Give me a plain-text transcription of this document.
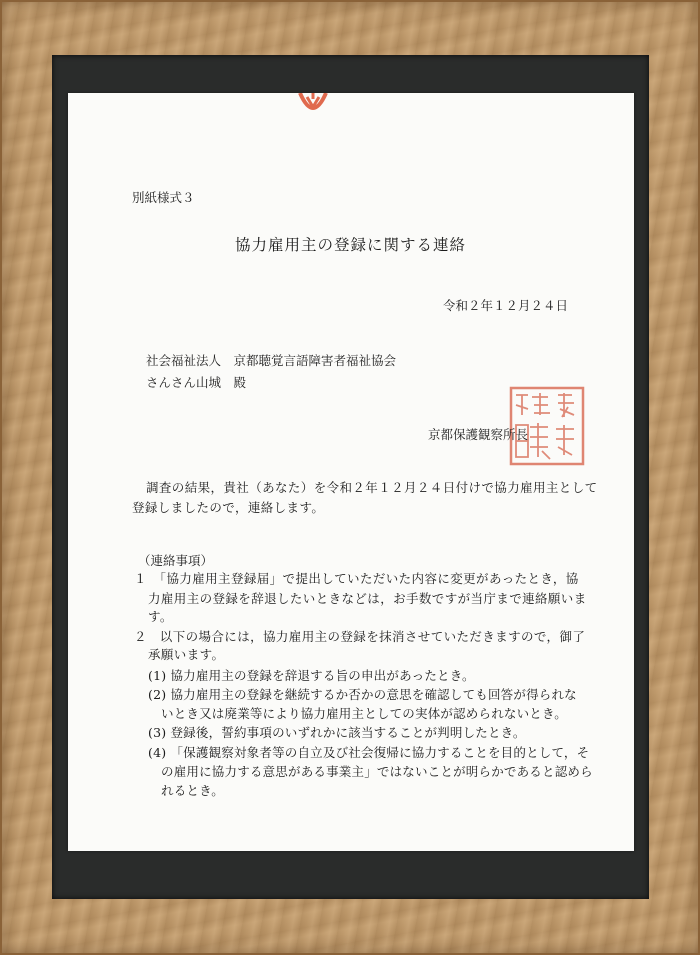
別紙様式３
協力雇用主の登録に関する連絡
令和２年１２月２４日
社会福祉法人　京都聴覚言語障害者福祉協会
さんさん山城　殿
京都保護観察所長
調査の結果，貴社（あなた）を令和２年１２月２４日付けで協力雇用主として
登録しましたので，連絡します。
（連絡事項）
１　「協力雇用主登録届」で提出していただいた内容に変更があったとき，協
力雇用主の登録を辞退したいときなどは，お手数ですが当庁まで連絡願いま
す。
２　以下の場合には，協力雇用主の登録を抹消させていただきますので，御了
承願います。
(1) 協力雇用主の登録を辞退する旨の申出があったとき。
(2) 協力雇用主の登録を継続するか否かの意思を確認しても回答が得られな
いとき又は廃業等により協力雇用主としての実体が認められないとき。
(3) 登録後，誓約事項のいずれかに該当することが判明したとき。
(4) 「保護観察対象者等の自立及び社会復帰に協力することを目的として，そ
の雇用に協力する意思がある事業主」ではないことが明らかであると認めら
れるとき。
